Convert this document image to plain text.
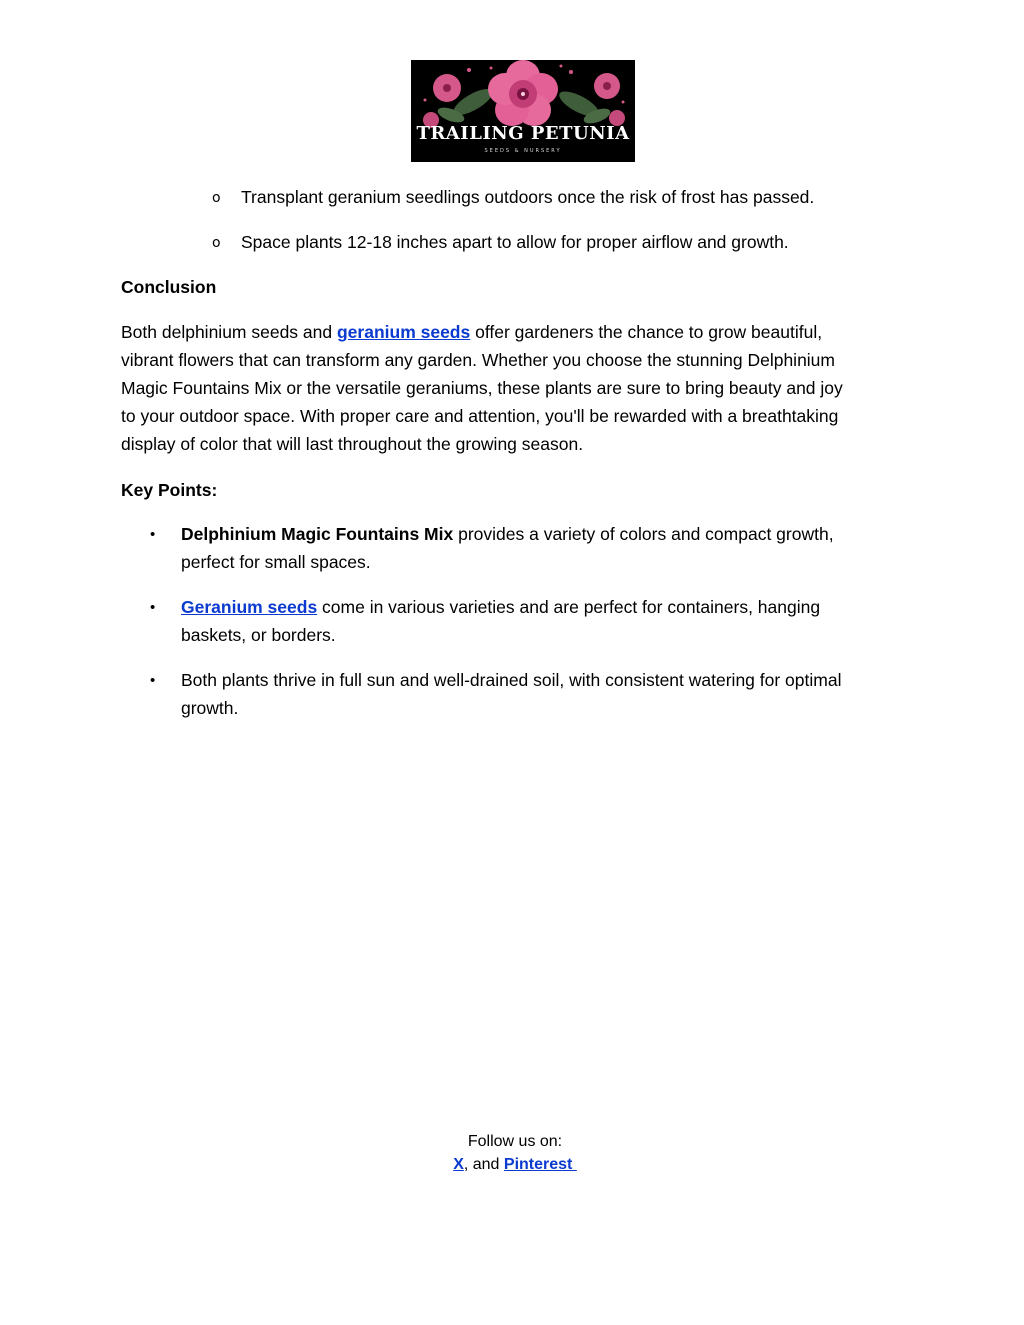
TRAILING PETUNIA
SEEDS & NURSERY
o Transplant geranium seedlings outdoors once the risk of frost has passed.
o Space plants 12-18 inches apart to allow for proper airflow and growth.
Conclusion
Both delphinium seeds and geranium seeds offer gardeners the chance to grow beautiful,
vibrant flowers that can transform any garden. Whether you choose the stunning Delphinium
Magic Fountains Mix or the versatile geraniums, these plants are sure to bring beauty and joy
to your outdoor space. With proper care and attention, you'll be rewarded with a breathtaking
display of color that will last throughout the growing season.
Key Points:
• Delphinium Magic Fountains Mix provides a variety of colors and compact growth,
perfect for small spaces.
• Geranium seeds come in various varieties and are perfect for containers, hanging
baskets, or borders.
• Both plants thrive in full sun and well-drained soil, with consistent watering for optimal
growth.
Follow us on:
X, and Pinterest
